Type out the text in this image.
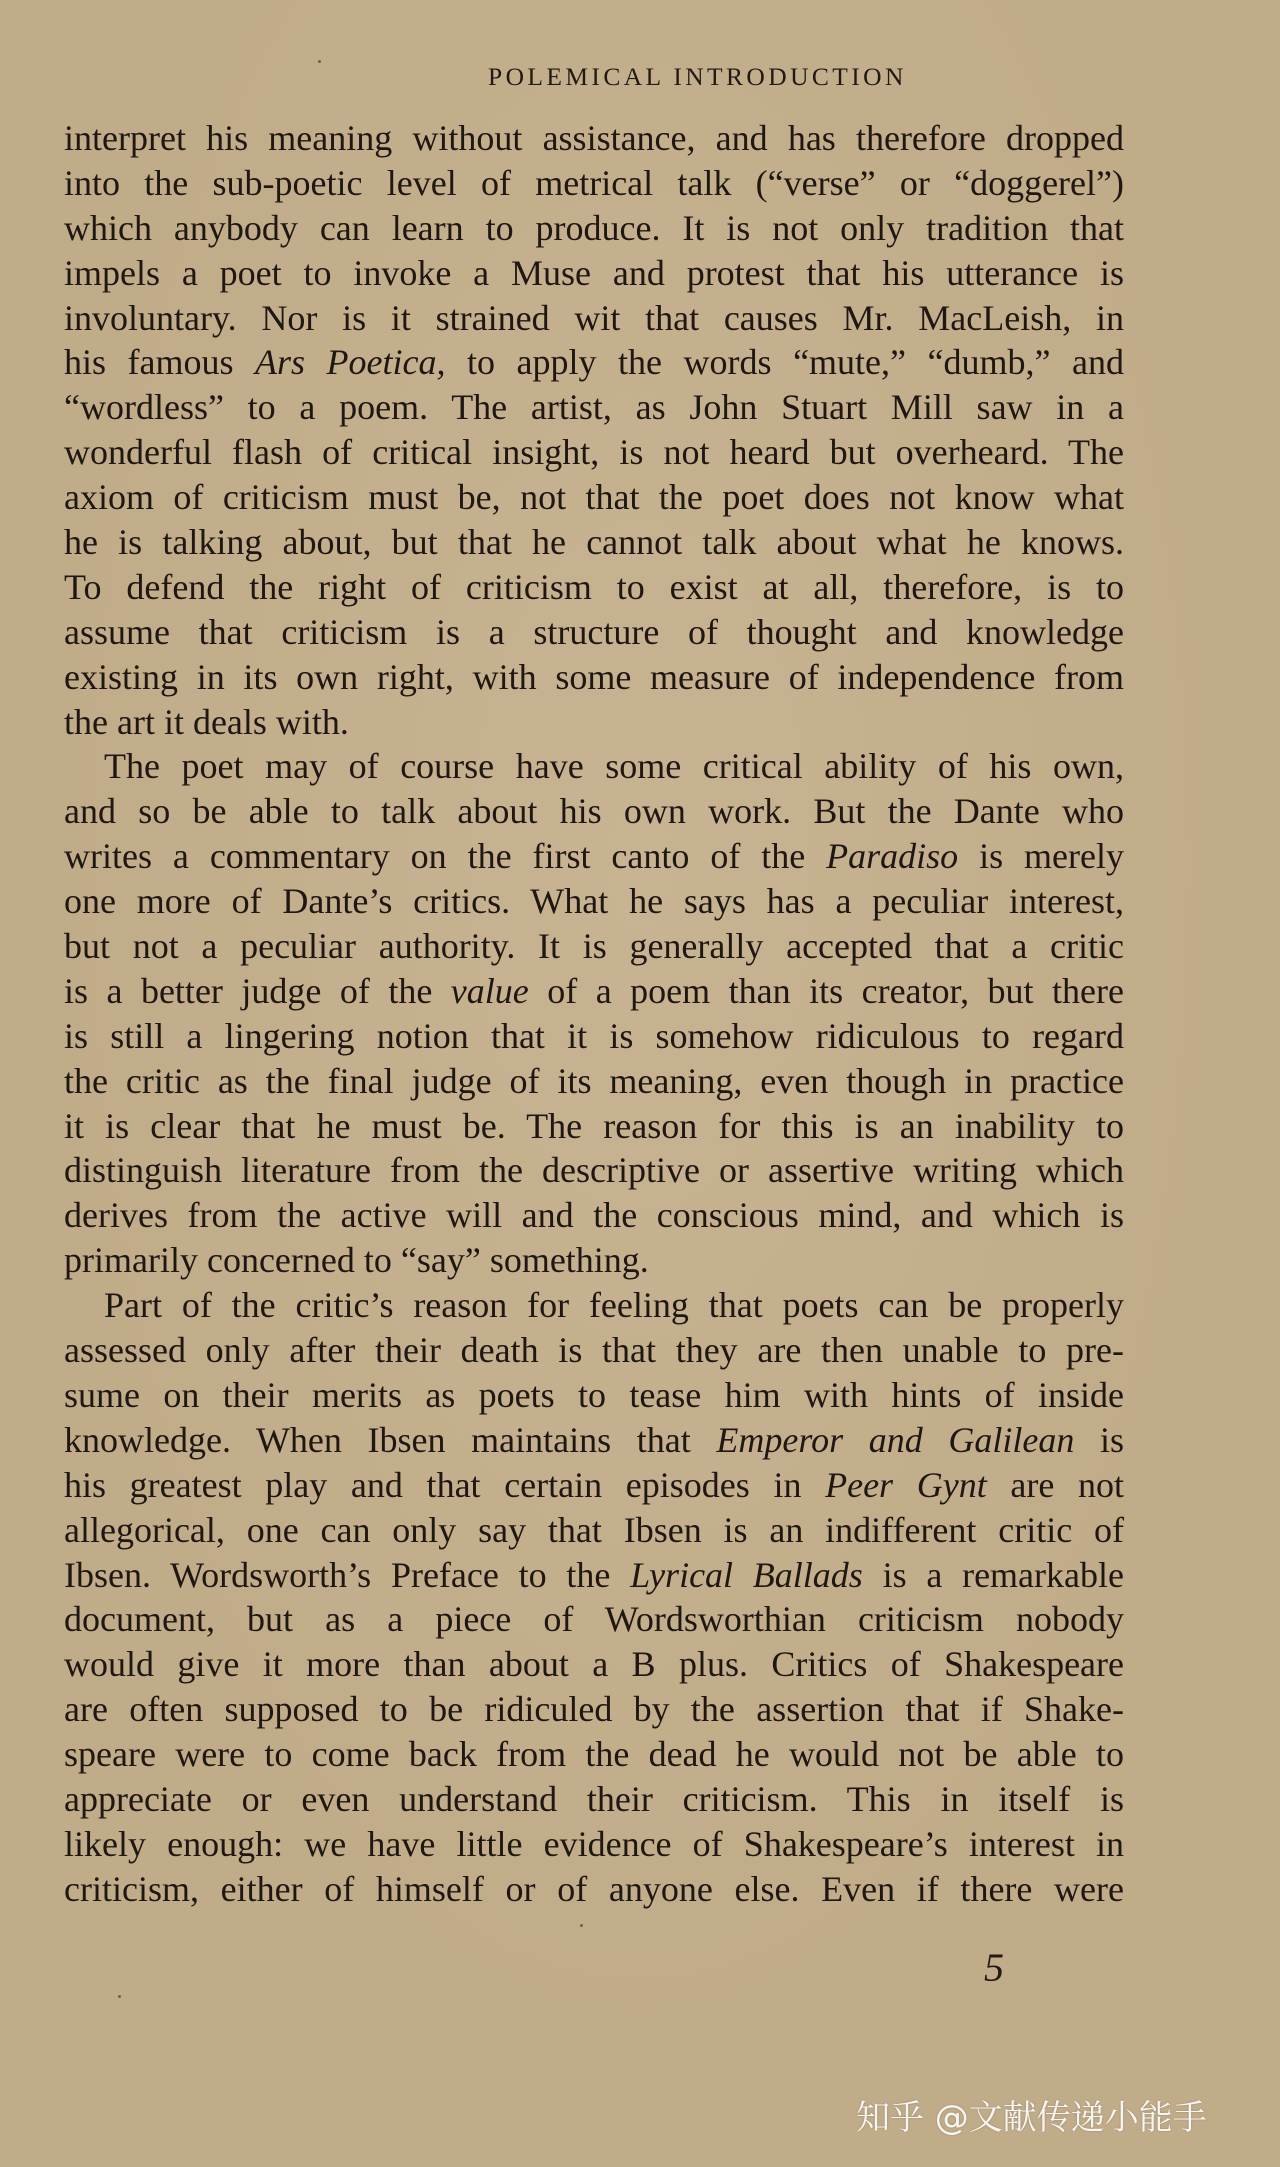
POLEMICAL INTRODUCTION
interpret his meaning without assistance, and has therefore dropped
into the sub-poetic level of metrical talk (“verse” or “doggerel”)
which anybody can learn to produce. It is not only tradition that
impels a poet to invoke a Muse and protest that his utterance is
involuntary. Nor is it strained wit that causes Mr. MacLeish, in
his famous Ars Poetica, to apply the words “mute,” “dumb,” and
“wordless” to a poem. The artist, as John Stuart Mill saw in a
wonderful flash of critical insight, is not heard but overheard. The
axiom of criticism must be, not that the poet does not know what
he is talking about, but that he cannot talk about what he knows.
To defend the right of criticism to exist at all, therefore, is to
assume that criticism is a structure of thought and knowledge
existing in its own right, with some measure of independence from
the art it deals with.
The poet may of course have some critical ability of his own,
and so be able to talk about his own work. But the Dante who
writes a commentary on the first canto of the Paradiso is merely
one more of Dante’s critics. What he says has a peculiar interest,
but not a peculiar authority. It is generally accepted that a critic
is a better judge of the value of a poem than its creator, but there
is still a lingering notion that it is somehow ridiculous to regard
the critic as the final judge of its meaning, even though in practice
it is clear that he must be. The reason for this is an inability to
distinguish literature from the descriptive or assertive writing which
derives from the active will and the conscious mind, and which is
primarily concerned to “say” something.
Part of the critic’s reason for feeling that poets can be properly
assessed only after their death is that they are then unable to pre-
sume on their merits as poets to tease him with hints of inside
knowledge. When Ibsen maintains that Emperor and Galilean is
his greatest play and that certain episodes in Peer Gynt are not
allegorical, one can only say that Ibsen is an indifferent critic of
Ibsen. Wordsworth’s Preface to the Lyrical Ballads is a remarkable
document, but as a piece of Wordsworthian criticism nobody
would give it more than about a B plus. Critics of Shakespeare
are often supposed to be ridiculed by the assertion that if Shake-
speare were to come back from the dead he would not be able to
appreciate or even understand their criticism. This in itself is
likely enough: we have little evidence of Shakespeare’s interest in
criticism, either of himself or of anyone else. Even if there were
5
知乎 @文献传递小能手
